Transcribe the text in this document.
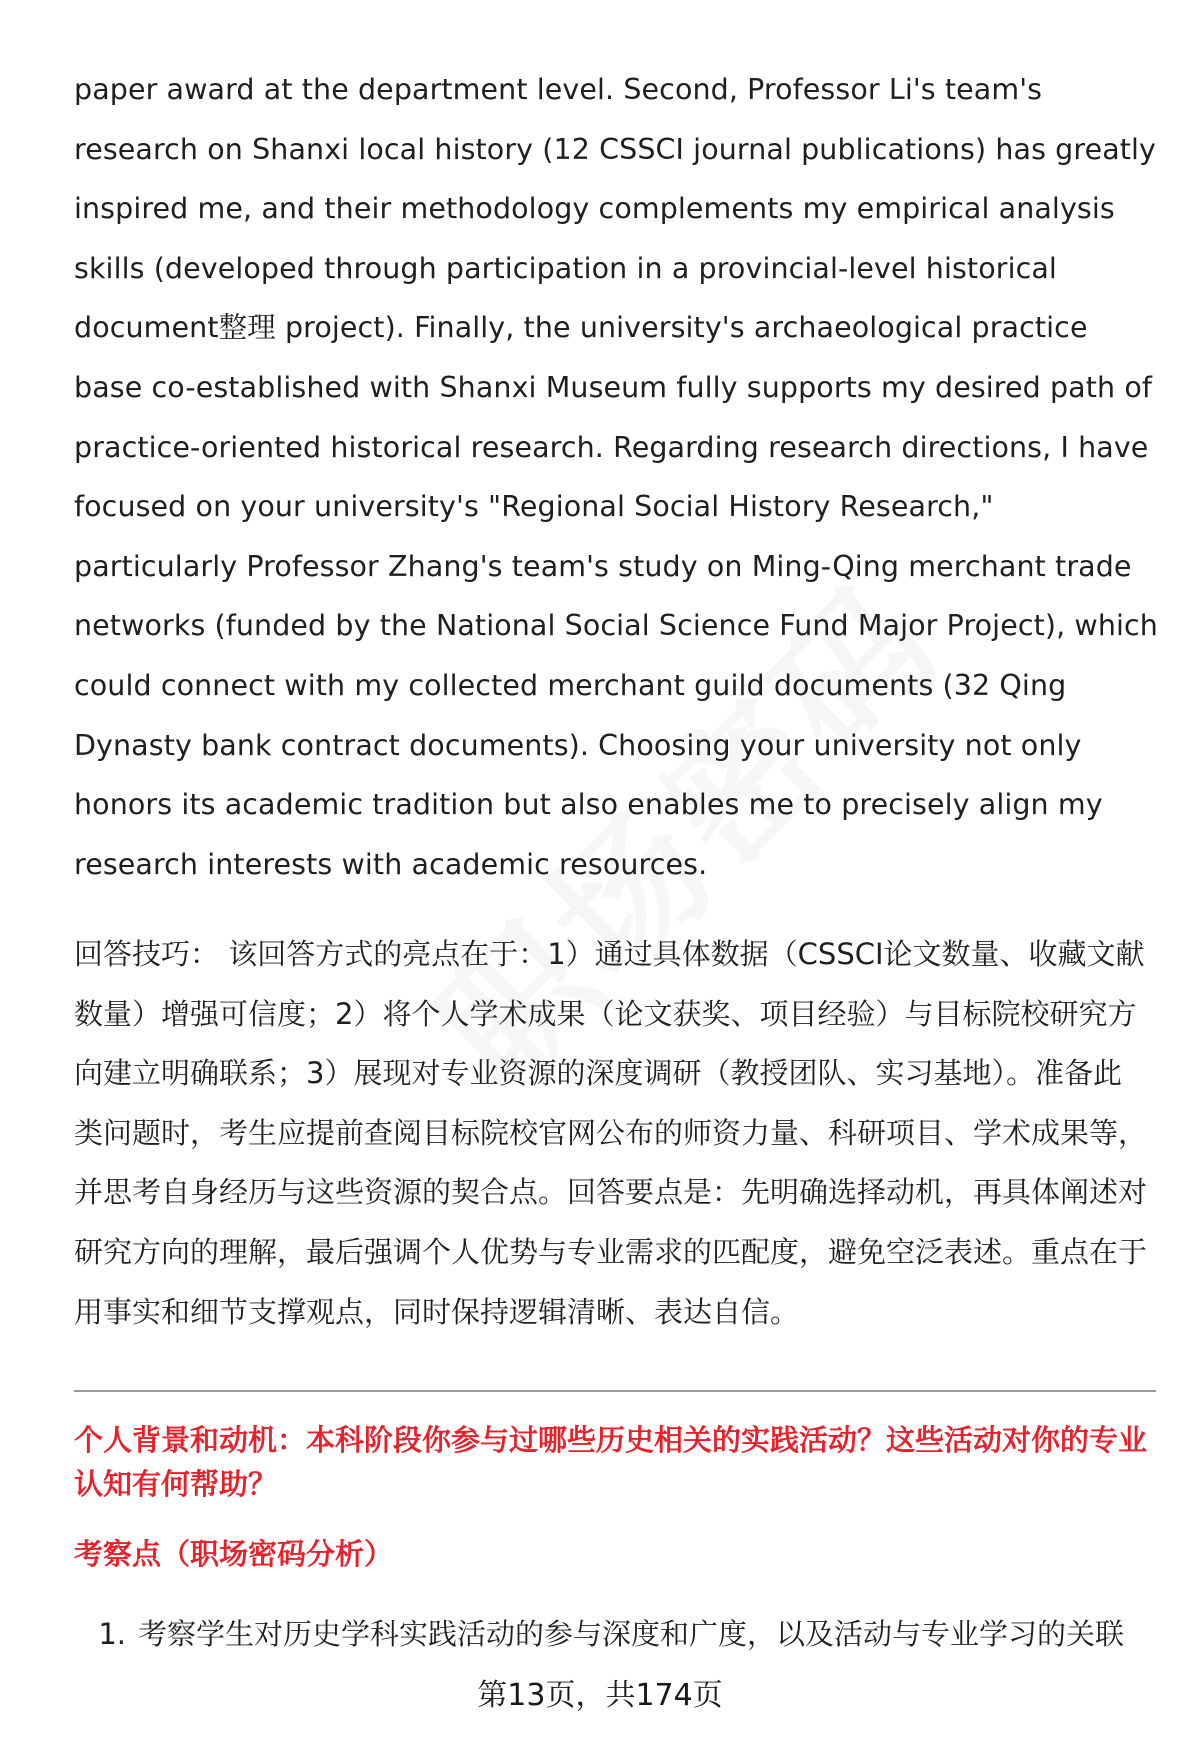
paper award at the department level. Second, Professor Li's team's research on Shanxi local history (12 CSSCI journal publications) has greatly inspired me, and their methodology complements my empirical analysis skills (developed through participation in a provincial-level historical document整理 project). Finally, the university's archaeological practice base co-established with Shanxi Museum fully supports my desired path of practice-oriented historical research. Regarding research directions, I have focused on your university's "Regional Social History Research," particularly Professor Zhang's team's study on Ming-Qing merchant trade networks (funded by the National Social Science Fund Major Project), which could connect with my collected merchant guild documents (32 Qing Dynasty bank contract documents). Choosing your university not only honors its academic tradition but also enables me to precisely align my research interests with academic resources.

回答技巧： 该回答方式的亮点在于：1）通过具体数据（CSSCI论文数量、收藏文献数量）增强可信度；2）将个人学术成果（论文获奖、项目经验）与目标院校研究方向建立明确联系；3）展现对专业资源的深度调研（教授团队、实习基地）。准备此类问题时，考生应提前查阅目标院校官网公布的师资力量、科研项目、学术成果等，并思考自身经历与这些资源的契合点。回答要点是：先明确选择动机，再具体阐述对研究方向的理解，最后强调个人优势与专业需求的匹配度，避免空泛表述。重点在于用事实和细节支撑观点，同时保持逻辑清晰、表达自信。

个人背景和动机：本科阶段你参与过哪些历史相关的实践活动？这些活动对你的专业认知有何帮助？

考察点（职场密码分析）

1. 考察学生对历史学科实践活动的参与深度和广度，以及活动与专业学习的关联
第13页，共174页
